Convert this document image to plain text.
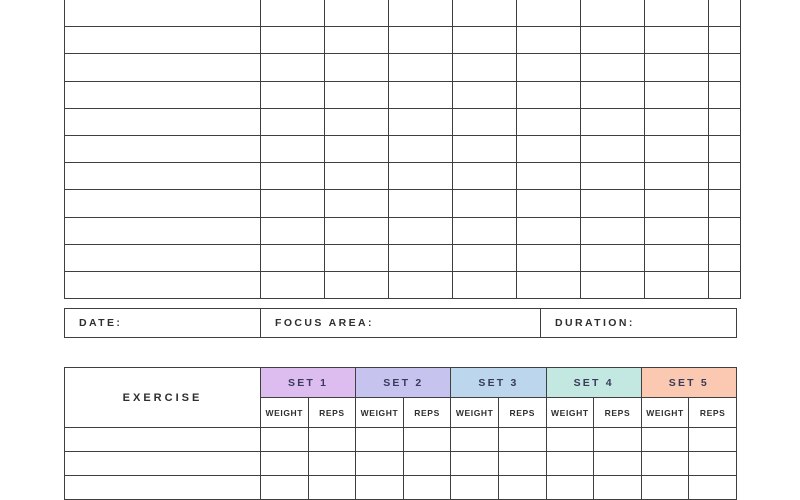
DATE:	FOCUS AREA:	DURATION:
EXERCISE	SET 1		SET 2		SET 3		SET 4		SET 5	
	WEIGHT	REPS	WEIGHT	REPS	WEIGHT	REPS	WEIGHT	REPS	WEIGHT	REPS
